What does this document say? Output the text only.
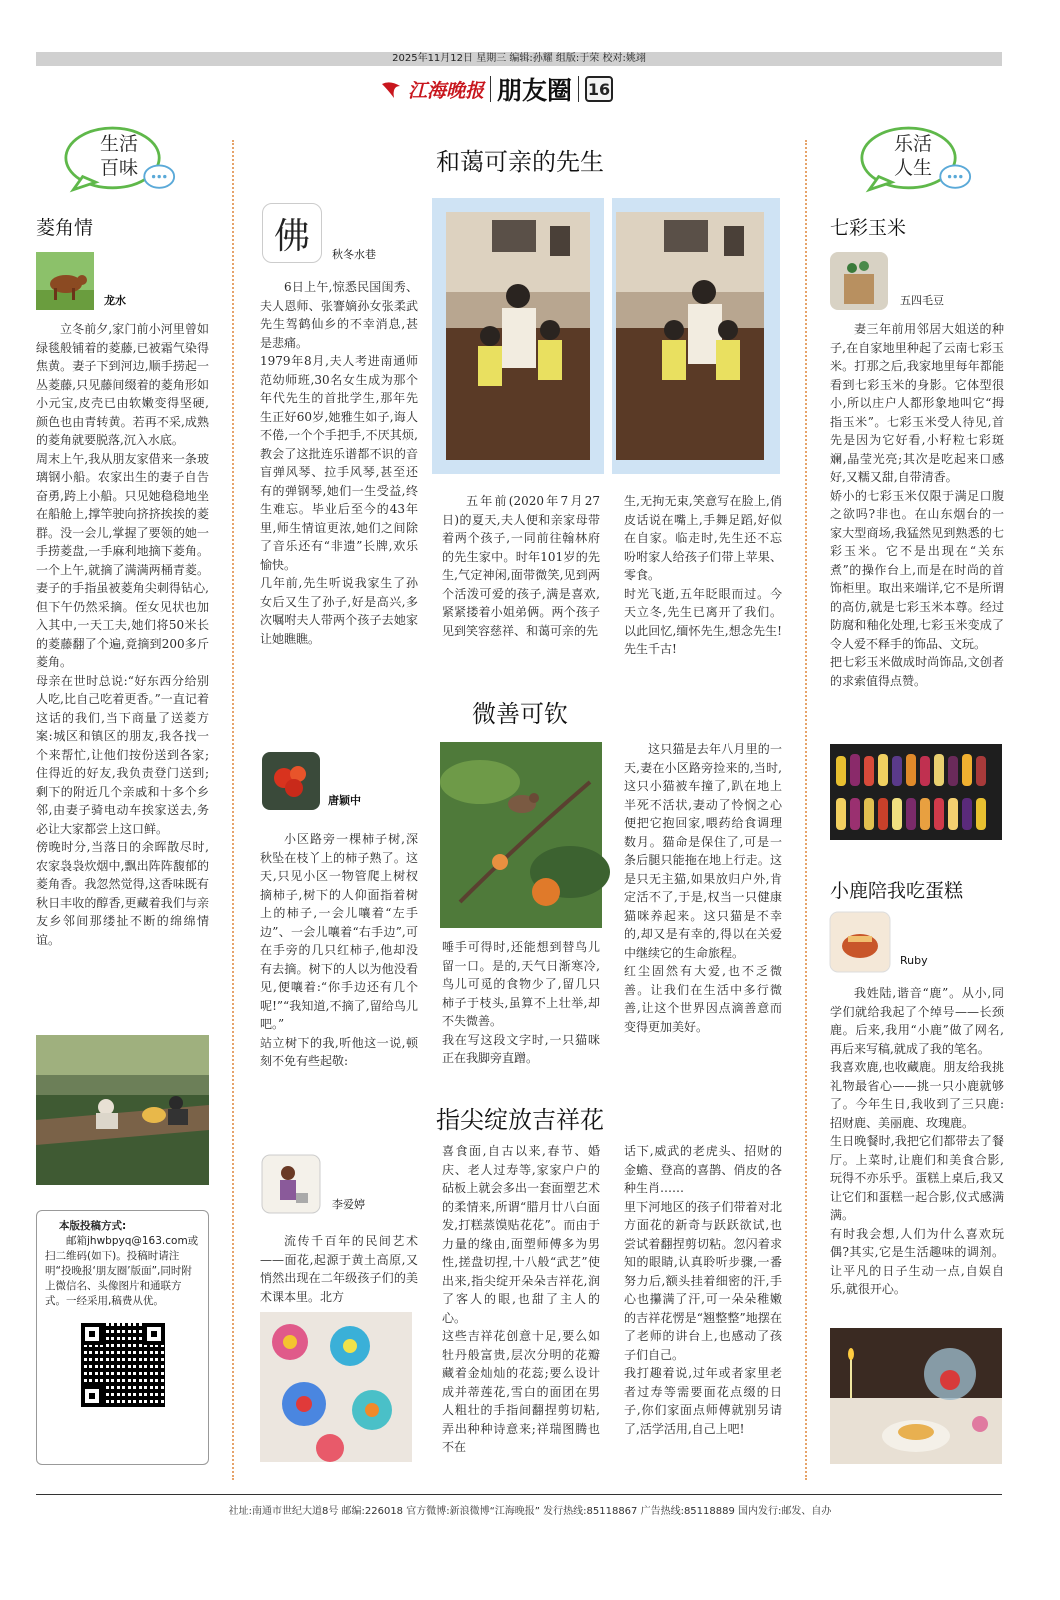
2025年11月12日 星期三 编辑:孙耀 组版:于荣 校对:姚翊
江海晚报 朋友圈 16
生活
百味
菱角情
龙水
立冬前夕,家门前小河里曾如绿毯般铺着的菱藤,已被霜气染得焦黄。妻子下到河边,顺手捞起一丛菱藤,只见藤间缀着的菱角形如小元宝,皮壳已由软嫩变得坚硬,颜色也由青转黄。若再不采,成熟的菱角就要脱落,沉入水底。
周末上午,我从朋友家借来一条玻璃钢小船。农家出生的妻子自告奋勇,跨上小船。只见她稳稳地坐在船舱上,撑竿驶向挤挤挨挨的菱群。没一会儿,掌握了要领的她一手捞菱盘,一手麻利地摘下菱角。一个上午,就摘了满满两桶青菱。妻子的手指虽被菱角尖刺得钻心,但下午仍然采摘。侄女见状也加入其中,一天工夫,她们将50米长的菱藤翻了个遍,竟摘到200多斤菱角。
母亲在世时总说:“好东西分给别人吃,比自己吃着更香。”一直记着这话的我们,当下商量了送菱方案:城区和镇区的朋友,我各找一个来帮忙,让他们按份送到各家;住得近的好友,我负责登门送到;剩下的附近几个亲戚和十多个乡邻,由妻子骑电动车挨家送去,务必让大家都尝上这口鲜。
傍晚时分,当落日的余晖散尽时,农家袅袅炊烟中,飘出阵阵馥郁的菱角香。我忽然觉得,这香味既有秋日丰收的醇香,更藏着我们与亲友乡邻间那缕扯不断的绵绵情谊。
本版投稿方式:
邮箱jhwbpyq@163.com或扫二维码(如下)。投稿时请注明“投晚报‘朋友圈’版面”,同时附上微信名、头像图片和通联方式。一经采用,稿费从优。
和蔼可亲的先生
佛	秋冬水巷
6日上午,惊悉民国闺秀、夫人恩师、张謇嫡孙女张柔武先生驾鹤仙乡的不幸消息,甚是悲痛。
1979年8月,夫人考进南通师范幼师班,30名女生成为那个年代先生的首批学生,那年先生正好60岁,她雅生如子,诲人不倦,一个个手把手,不厌其烦,教会了这批连乐谱都不识的音盲弹风琴、拉手风琴,甚至还有的弹钢琴,她们一生受益,终生难忘。毕业后至今的43年里,师生情谊更浓,她们之间除了音乐还有“非遗”长牌,欢乐愉快。
几年前,先生听说我家生了孙女后又生了孙子,好是高兴,多次嘱咐夫人带两个孩子去她家让她瞧瞧。
五年前(2020年7月27日)的夏天,夫人便和亲家母带着两个孩子,一同前往翰林府的先生家中。时年101岁的先生,气定神闲,面带微笑,见到两个活泼可爱的孩子,满是喜欢,紧紧搂着小姐弟俩。两个孩子见到笑容慈祥、和蔼可亲的先
生,无拘无束,笑意写在脸上,俏皮话说在嘴上,手舞足蹈,好似在自家。临走时,先生还不忘吩咐家人给孩子们带上苹果、零食。
时光飞逝,五年眨眼而过。今天立冬,先生已离开了我们。以此回忆,缅怀先生,想念先生!先生千古!
微善可钦
唐颖中
小区路旁一棵柿子树,深秋坠在枝丫上的柿子熟了。这天,只见小区一物管爬上树杈摘柿子,树下的人仰面指着树上的柿子,一会儿嚷着“左手边”、一会儿嚷着“右手边”,可在手旁的几只红柿子,他却没有去摘。树下的人以为他没看见,便嚷着:“你手边还有几个呢!”“我知道,不摘了,留给鸟儿吧。”
站立树下的我,听他这一说,顿刻不免有些起敬:
唾手可得时,还能想到替鸟儿留一口。是的,天气日渐寒冷,鸟儿可觅的食物少了,留几只柿子于枝头,虽算不上壮举,却不失微善。
我在写这段文字时,一只猫咪正在我脚旁直蹭。
这只猫是去年八月里的一天,妻在小区路旁捡来的,当时,这只小猫被车撞了,趴在地上半死不活状,妻动了怜悯之心便把它抱回家,喂药给食调理数月。猫命是保住了,可是一条后腿只能拖在地上行走。这是只无主猫,如果放归户外,肯定活不了,于是,权当一只健康猫咪养起来。这只猫是不幸的,却又是有幸的,得以在关爱中继续它的生命旅程。
红尘固然有大爱,也不乏微善。让我们在生活中多行微善,让这个世界因点滴善意而变得更加美好。
指尖绽放吉祥花
李爱婷
流传千百年的民间艺术——面花,起源于黄土高原,又悄然出现在二年级孩子们的美术课本里。北方
喜食面,自古以来,春节、婚庆、老人过寿等,家家户户的砧板上就会多出一套面塑艺术的柔情来,所谓“腊月廿八白面发,打糕蒸馍贴花花”。而由于力量的缘由,面塑师傅多为男性,搓盘切捏,十八般“武艺”使出来,指尖绽开朵朵吉祥花,润了客人的眼,也甜了主人的心。
这些吉祥花创意十足,要么如牡丹般富贵,层次分明的花瓣藏着金灿灿的花蕊;要么设计成并蒂莲花,雪白的面团在男人粗壮的手指间翻捏剪切粘,弄出种种诗意来;祥瑞图腾也不在
话下,威武的老虎头、招财的金蟾、登高的喜鹊、俏皮的各种生肖……
里下河地区的孩子们带着对北方面花的新奇与跃跃欲试,也尝试着翻捏剪切粘。忽闪着求知的眼睛,认真聆听步骤,一番努力后,额头挂着细密的汗,手心也攥满了汗,可一朵朵稚嫩的吉祥花愣是“翘整整”地摆在了老师的讲台上,也感动了孩子们自己。
我打趣着说,过年或者家里老者过寿等需要面花点缀的日子,你们家面点师傅就别另请了,活学活用,自己上吧!
乐活
人生
七彩玉米
五四毛豆
妻三年前用邻居大姐送的种子,在自家地里种起了云南七彩玉米。打那之后,我家地里每年都能看到七彩玉米的身影。它体型很小,所以庄户人都形象地叫它“拇指玉米”。七彩玉米受人待见,首先是因为它好看,小籽粒七彩斑斓,晶莹光亮;其次是吃起来口感好,又糯又甜,自带清香。
娇小的七彩玉米仅限于满足口腹之欲吗?非也。在山东烟台的一家大型商场,我猛然见到熟悉的七彩玉米。它不是出现在“关东煮”的操作台上,而是在时尚的首饰柜里。取出来端详,它不是所谓的高仿,就是七彩玉米本尊。经过防腐和釉化处理,七彩玉米变成了令人爱不释手的饰品、文玩。
把七彩玉米做成时尚饰品,文创者的求索值得点赞。
小鹿陪我吃蛋糕
Ruby
我姓陆,谐音“鹿”。从小,同学们就给我起了个绰号——长颈鹿。后来,我用“小鹿”做了网名,再后来写稿,就成了我的笔名。
我喜欢鹿,也收藏鹿。朋友给我挑礼物最省心——挑一只小鹿就够了。今年生日,我收到了三只鹿:招财鹿、美丽鹿、玫瑰鹿。
生日晚餐时,我把它们都带去了餐厅。上菜时,让鹿们和美食合影,玩得不亦乐乎。蛋糕上桌后,我又让它们和蛋糕一起合影,仪式感满满。
有时我会想,人们为什么喜欢玩偶?其实,它是生活趣味的调剂。让平凡的日子生动一点,自娱自乐,就很开心。
社址:南通市世纪大道8号 邮编:226018 官方微博:新浪微博“江海晚报” 发行热线:85118867 广告热线:85118889 国内发行:邮发、自办
